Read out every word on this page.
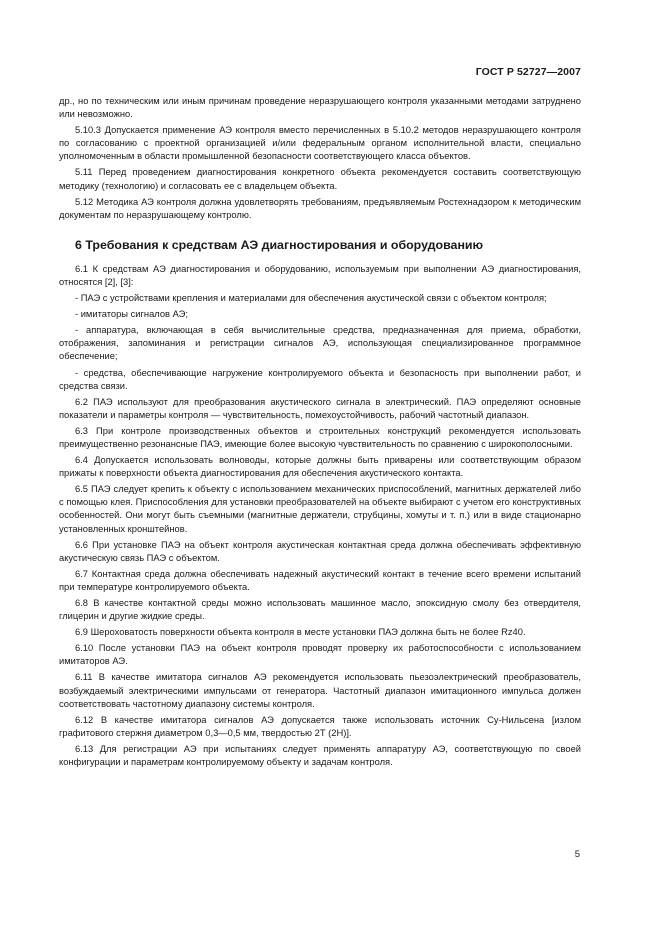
ГОСТ Р 52727—2007

др., но по техническим или иным причинам проведение неразрушающего контроля указанными методами затруднено или невозможно.

5.10.3 Допускается применение АЭ контроля вместо перечисленных в 5.10.2 методов неразрушающего контроля по согласованию с проектной организацией и/или федеральным органом исполнительной власти, специально уполномоченным в области промышленной безопасности соответствующего класса объектов.

5.11 Перед проведением диагностирования конкретного объекта рекомендуется составить соответствующую методику (технологию) и согласовать ее с владельцем объекта.

5.12 Методика АЭ контроля должна удовлетворять требованиям, предъявляемым Ростехнадзором к методическим документам по неразрушающему контролю.

6 Требования к средствам АЭ диагностирования и оборудованию

6.1 К средствам АЭ диагностирования и оборудованию, используемым при выполнении АЭ диагностирования, относятся [2], [3]:

- ПАЭ с устройствами крепления и материалами для обеспечения акустической связи с объектом контроля;

- имитаторы сигналов АЭ;

- аппаратура, включающая в себя вычислительные средства, предназначенная для приема, обработки, отображения, запоминания и регистрации сигналов АЭ, использующая специализированное программное обеспечение;

- средства, обеспечивающие нагружение контролируемого объекта и безопасность при выполнении работ, и средства связи.

6.2 ПАЭ используют для преобразования акустического сигнала в электрический. ПАЭ определяют основные показатели и параметры контроля — чувствительность, помехоустойчивость, рабочий частотный диапазон.

6.3 При контроле производственных объектов и строительных конструкций рекомендуется использовать преимущественно резонансные ПАЭ, имеющие более высокую чувствительность по сравнению с широкополосными.

6.4 Допускается использовать волноводы, которые должны быть приварены или соответствующим образом прижаты к поверхности объекта диагностирования для обеспечения акустического контакта.

6.5 ПАЭ следует крепить к объекту с использованием механических приспособлений, магнитных держателей либо с помощью клея. Приспособления для установки преобразователей на объекте выбирают с учетом его конструктивных особенностей. Они могут быть съемными (магнитные держатели, струбцины, хомуты и т. п.) или в виде стационарно установленных кронштейнов.

6.6 При установке ПАЭ на объект контроля акустическая контактная среда должна обеспечивать эффективную акустическую связь ПАЭ с объектом.

6.7 Контактная среда должна обеспечивать надежный акустический контакт в течение всего времени испытаний при температуре контролируемого объекта.

6.8 В качестве контактной среды можно использовать машинное масло, эпоксидную смолу без отвердителя, глицерин и другие жидкие среды.

6.9 Шероховатость поверхности объекта контроля в месте установки ПАЭ должна быть не более Rz40.

6.10 После установки ПАЭ на объект контроля проводят проверку их работоспособности с использованием имитаторов АЭ.

6.11 В качестве имитатора сигналов АЭ рекомендуется использовать пьезоэлектрический преобразователь, возбуждаемый электрическими импульсами от генератора. Частотный диапазон имитационного импульса должен соответствовать частотному диапазону системы контроля.

6.12 В качестве имитатора сигналов АЭ допускается также использовать источник Су-Нильсена [излом графитового стержня диаметром 0,3—0,5 мм, твердостью 2Т (2Н)].

6.13 Для регистрации АЭ при испытаниях следует применять аппаратуру АЭ, соответствующую по своей конфигурации и параметрам контролируемому объекту и задачам контроля.

5
